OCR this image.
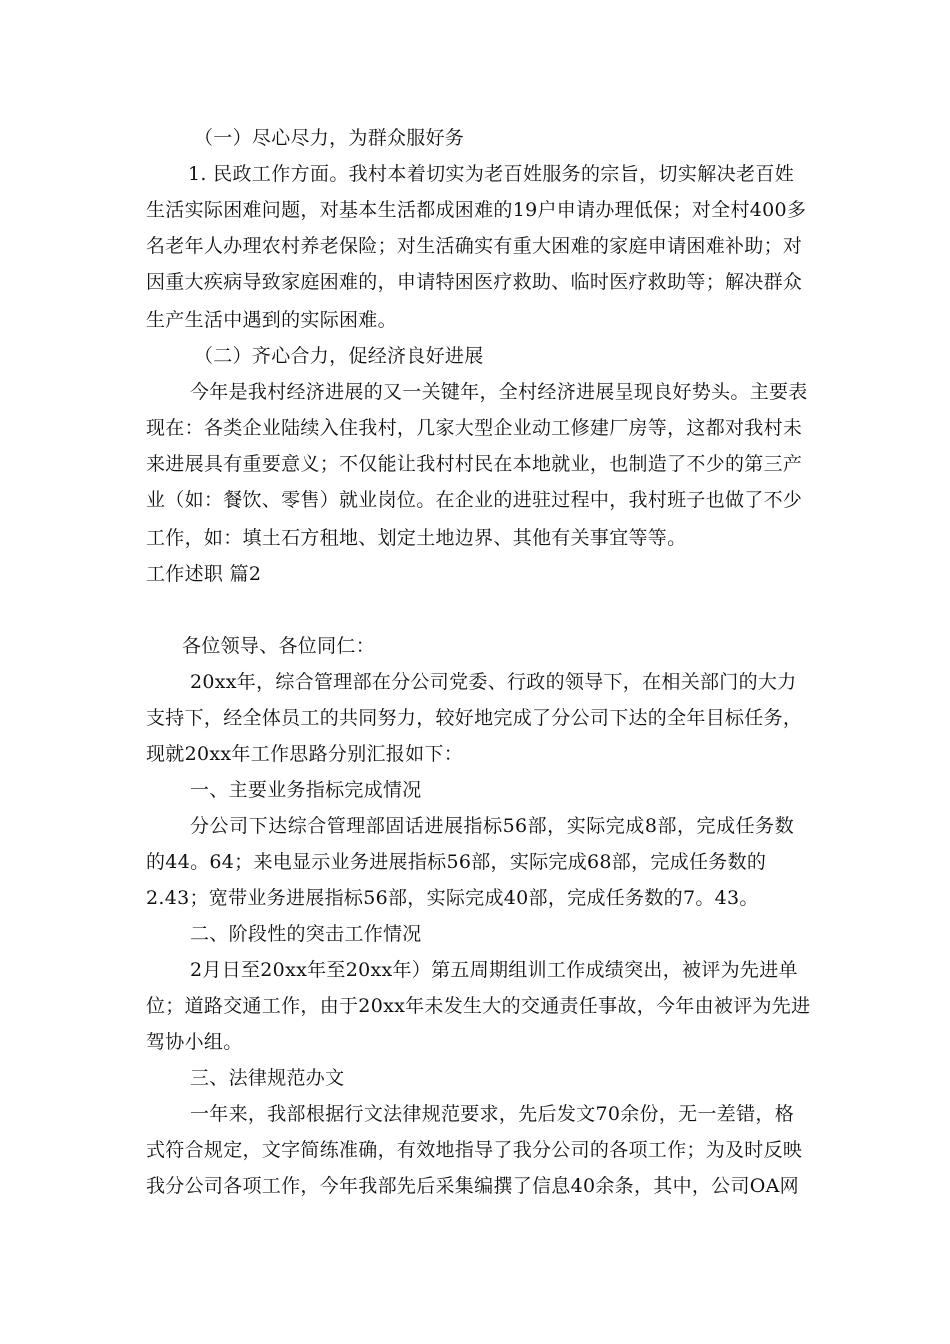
（一）尽心尽力，为群众服好务
1. 民政工作方面。我村本着切实为老百姓服务的宗旨，切实解决老百姓
生活实际困难问题，对基本生活都成困难的19户申请办理低保；对全村400多
名老年人办理农村养老保险；对生活确实有重大困难的家庭申请困难补助；对
因重大疾病导致家庭困难的，申请特困医疗救助、临时医疗救助等；解决群众
生产生活中遇到的实际困难。
（二）齐心合力，促经济良好进展
今年是我村经济进展的又一关键年，全村经济进展呈现良好势头。主要表
现在：各类企业陆续入住我村，几家大型企业动工修建厂房等，这都对我村未
来进展具有重要意义；不仅能让我村村民在本地就业，也制造了不少的第三产
业（如：餐饮、零售）就业岗位。在企业的进驻过程中，我村班子也做了不少
工作，如：填土石方租地、划定土地边界、其他有关事宜等等。
工作述职 篇2
各位领导、各位同仁：
20xx年，综合管理部在分公司党委、行政的领导下，在相关部门的大力
支持下，经全体员工的共同努力，较好地完成了分公司下达的全年目标任务，
现就20xx年工作思路分别汇报如下：
一、主要业务指标完成情况
分公司下达综合管理部固话进展指标56部，实际完成8部，完成任务数
的44。64；来电显示业务进展指标56部，实际完成68部，完成任务数的
2.43；宽带业务进展指标56部，实际完成40部，完成任务数的7。43。
二、阶段性的突击工作情况
2月日至20xx年至20xx年）第五周期组训工作成绩突出，被评为先进单
位；道路交通工作，由于20xx年未发生大的交通责任事故，今年由被评为先进
驾协小组。
三、法律规范办文
一年来，我部根据行文法律规范要求，先后发文70余份，无一差错，格
式符合规定，文字简练准确，有效地指导了我分公司的各项工作；为及时反映
我分公司各项工作，今年我部先后采集编撰了信息40余条，其中，公司OA网
